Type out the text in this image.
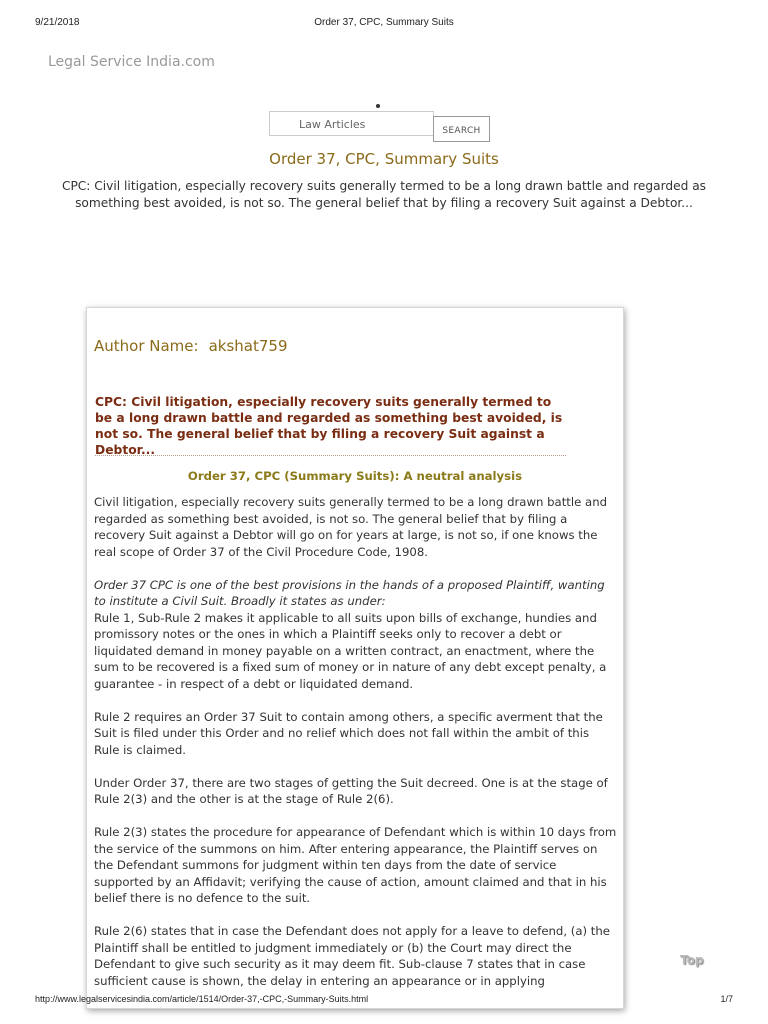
9/21/2018	Order 37, CPC, Summary Suits
Legal Service India.com
Law Articles	SEARCH
Order 37, CPC, Summary Suits
CPC: Civil litigation, especially recovery suits generally termed to be a long drawn battle and regarded as something best avoided, is not so. The general belief that by filing a recovery Suit against a Debtor...
Author Name: akshat759
CPC: Civil litigation, especially recovery suits generally termed to be a long drawn battle and regarded as something best avoided, is not so. The general belief that by filing a recovery Suit against a Debtor...
Order 37, CPC (Summary Suits): A neutral analysis

Civil litigation, especially recovery suits generally termed to be a long drawn battle and regarded as something best avoided, is not so. The general belief that by filing a recovery Suit against a Debtor will go on for years at large, is not so, if one knows the real scope of Order 37 of the Civil Procedure Code, 1908.

Order 37 CPC is one of the best provisions in the hands of a proposed Plaintiff, wanting to institute a Civil Suit. Broadly it states as under:

Rule 1, Sub-Rule 2 makes it applicable to all suits upon bills of exchange, hundies and promissory notes or the ones in which a Plaintiff seeks only to recover a debt or liquidated demand in money payable on a written contract, an enactment, where the sum to be recovered is a fixed sum of money or in nature of any debt except penalty, a guarantee - in respect of a debt or liquidated demand.

Rule 2 requires an Order 37 Suit to contain among others, a specific averment that the Suit is filed under this Order and no relief which does not fall within the ambit of this Rule is claimed.

Under Order 37, there are two stages of getting the Suit decreed. One is at the stage of Rule 2(3) and the other is at the stage of Rule 2(6).

Rule 2(3) states the procedure for appearance of Defendant which is within 10 days from the service of the summons on him. After entering appearance, the Plaintiff serves on the Defendant summons for judgment within ten days from the date of service supported by an Affidavit; verifying the cause of action, amount claimed and that in his belief there is no defence to the suit.

Rule 2(6) states that in case the Defendant does not apply for a leave to defend, (a) the Plaintiff shall be entitled to judgment immediately or (b) the Court may direct the Defendant to give such security as it may deem fit. Sub-clause 7 states that in case sufficient cause is shown, the delay in entering an appearance or in applying

Top
http://www.legalservicesindia.com/article/1514/Order-37,-CPC,-Summary-Suits.html	1/7
